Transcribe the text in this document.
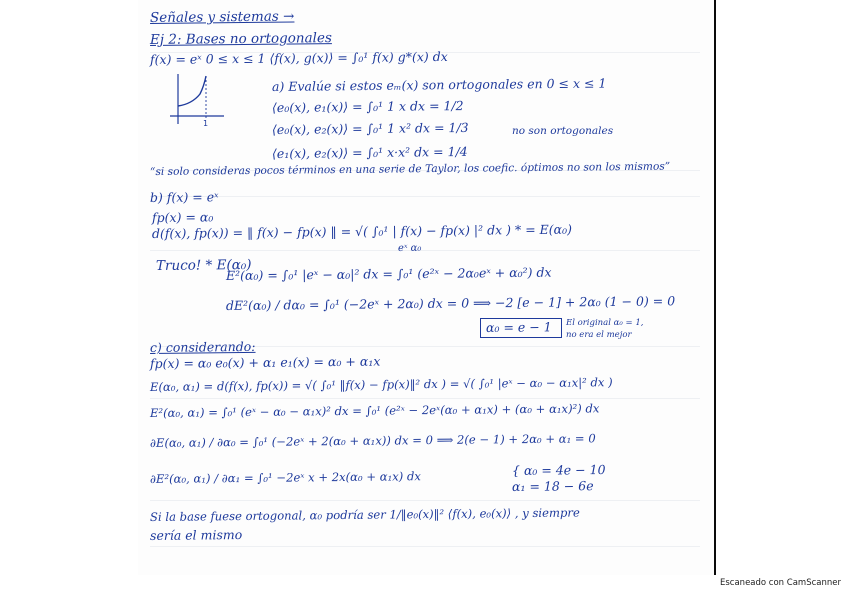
Señales y sistemas →
Ej 2: Bases no ortogonales
f(x) = eˣ 0 ≤ x ≤ 1 ⟨f(x), g(x)⟩ = ∫₀¹ f(x) g*(x) dx
1
a) Evalúe si estos eₘ(x) son ortogonales en 0 ≤ x ≤ 1
⟨e₀(x), e₁(x)⟩ = ∫₀¹ 1 x dx = 1/2
⟨e₀(x), e₂(x)⟩ = ∫₀¹ 1 x² dx = 1/3	no son ortogonales
⟨e₁(x), e₂(x)⟩ = ∫₀¹ x·x² dx = 1/4
“si solo consideras pocos términos en una serie de Taylor, los coefic. óptimos no son los mismos”
b) f(x) = eˣ
fp(x) = α₀
d(f(x), fp(x)) = ‖ f(x) − fp(x) ‖ = √( ∫₀¹ | f(x) − fp(x) |² dx ) * = E(α₀)
eˣ α₀
Truco! * E(α₀)
E²(α₀) = ∫₀¹ |eˣ − α₀|² dx = ∫₀¹ (e²ˣ − 2α₀eˣ + α₀²) dx
dE²(α₀) / dα₀ = ∫₀¹ (−2eˣ + 2α₀) dx = 0 ⟹ −2 [e − 1] + 2α₀ (1 − 0) = 0
α₀ = e − 1 El original α₀ = 1,
no era el mejor
c) considerando:
fp(x) = α₀ e₀(x) + α₁ e₁(x) = α₀ + α₁x
E(α₀, α₁) = d(f(x), fp(x)) = √( ∫₀¹ ‖f(x) − fp(x)‖² dx ) = √( ∫₀¹ |eˣ − α₀ − α₁x|² dx )
E²(α₀, α₁) = ∫₀¹ (eˣ − α₀ − α₁x)² dx = ∫₀¹ (e²ˣ − 2eˣ(α₀ + α₁x) + (α₀ + α₁x)²) dx
∂E(α₀, α₁) / ∂α₀ = ∫₀¹ (−2eˣ + 2(α₀ + α₁x)) dx = 0 ⟹ 2(e − 1) + 2α₀ + α₁ = 0
∂E²(α₀, α₁) / ∂α₁ = ∫₀¹ −2eˣ x + 2x(α₀ + α₁x) dx	{ α₀ = 4e − 10
α₁ = 18 − 6e
Si la base fuese ortogonal, α₀ podría ser 1/‖e₀(x)‖² ⟨f(x), e₀(x)⟩ , y siempre
sería el mismo
Escaneado con CamScanner
